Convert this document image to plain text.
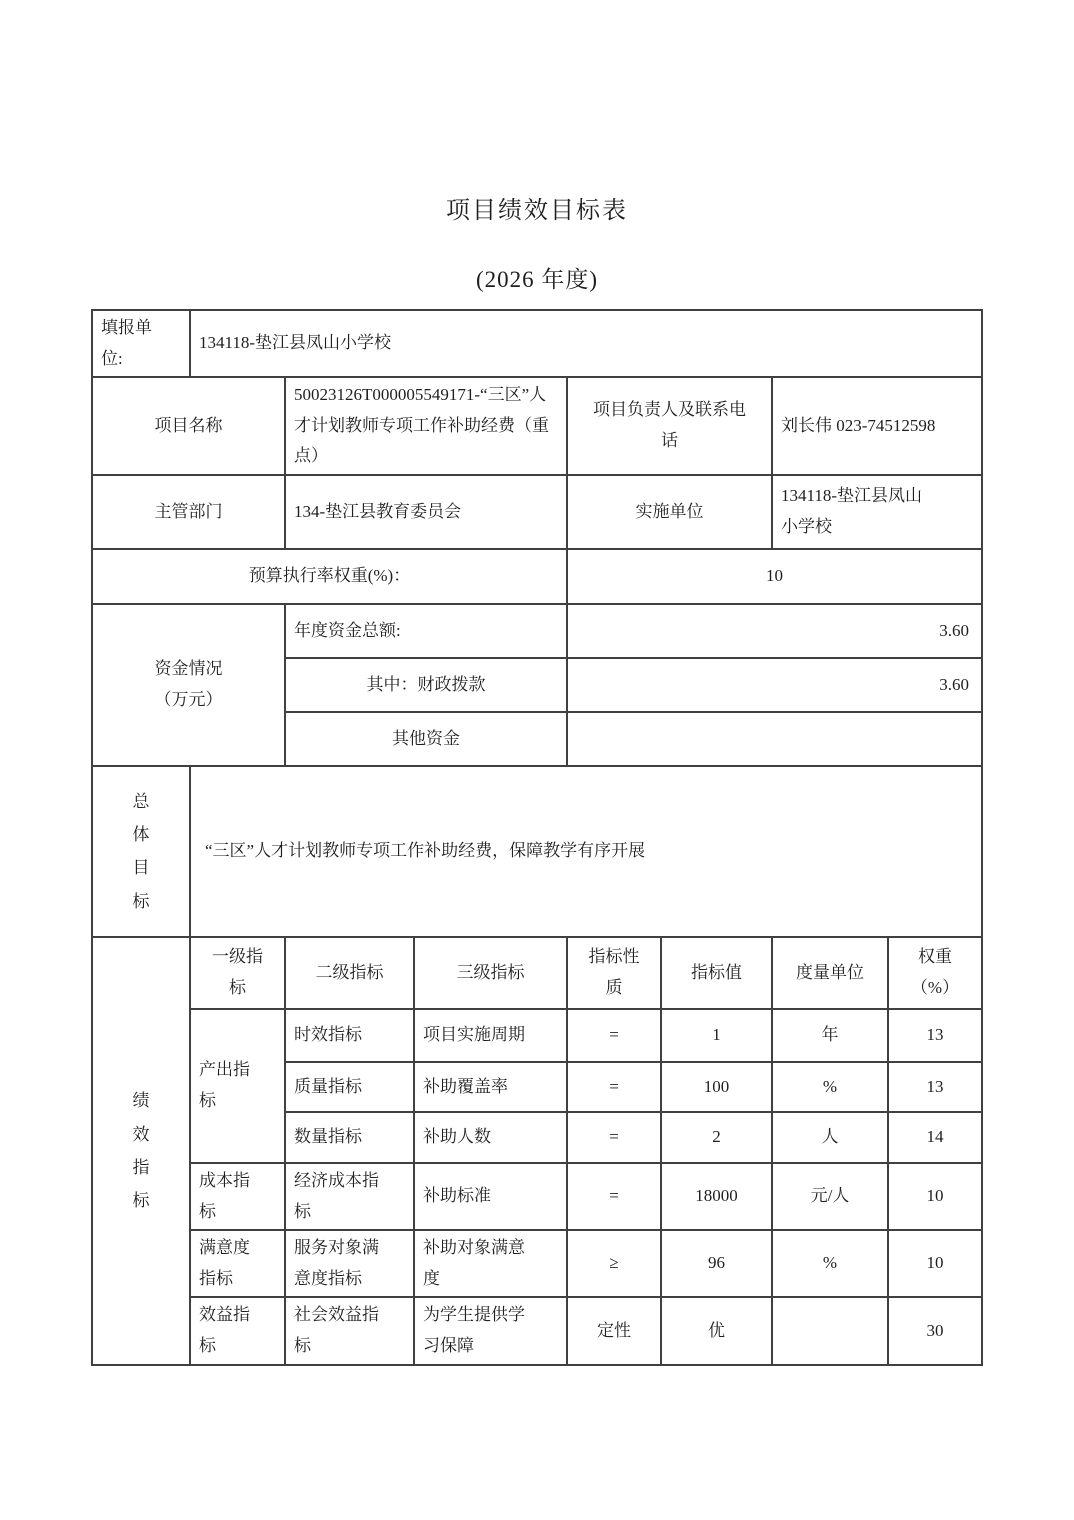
项目绩效目标表
(2026 年度)
填报单位:	134118-垫江县凤山小学校						
项目名称		50023126T000005549171-“三区”人才计划教师专项工作补助经费（重点）		项目负责人及联系电话		刘长伟 023-74512598	
主管部门		134-垫江县教育委员会		实施单位		134118-垫江县凤山小学校	
预算执行率权重(%)：				10			
资金情况（万元）		年度资金总额:		3.60			
		其中：财政拨款		3.60			
		其他资金					
总体目标	“三区”人才计划教师专项工作补助经费，保障教学有序开展						
绩效指标	一级指标	二级指标	三级指标	指标性质	指标值	度量单位	权重（%）
	产出指标	时效指标	项目实施周期	=	1	年	13
		质量指标	补助覆盖率	=	100	%	13
		数量指标	补助人数	=	2	人	14
	成本指标	经济成本指标	补助标准	=	18000	元/人	10
	满意度指标	服务对象满意度指标	补助对象满意度	≥	96	%	10
	效益指标	社会效益指标	为学生提供学习保障	定性	优		30
